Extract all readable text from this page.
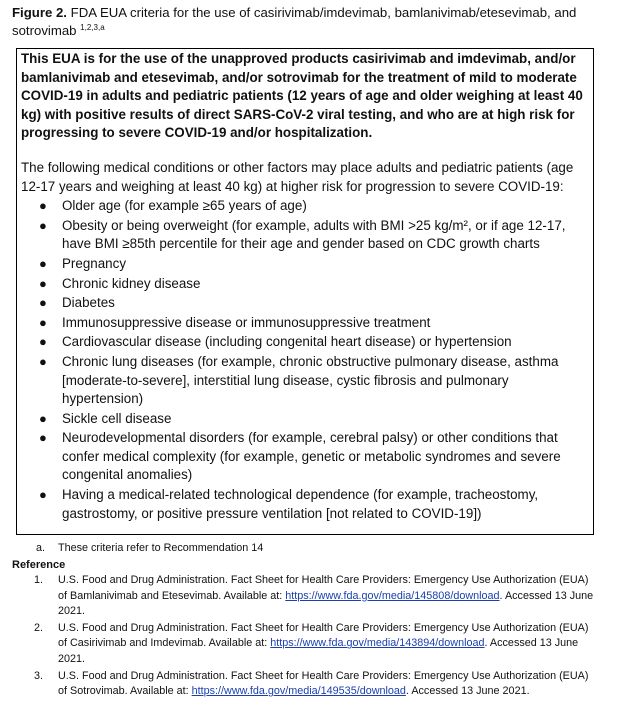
Figure 2. FDA EUA criteria for the use of casirivimab/imdevimab, bamlanivimab/etesevimab, and sotrovimab $^{1,2,3,a}$

This EUA is for the use of the unapproved products casirivimab and imdevimab, and/or bamlanivimab and etesevimab, and/or sotrovimab for the treatment of mild to moderate COVID-19 in adults and pediatric patients (12 years of age and older weighing at least 40 kg) with positive results of direct SARS-CoV-2 viral testing, and who are at high risk for progressing to severe COVID-19 and/or hospitalization.

The following medical conditions or other factors may place adults and pediatric patients (age 12-17 years and weighing at least 40 kg) at higher risk for progression to severe COVID-19:

● Older age (for example ≥65 years of age)
● Obesity or being overweight (for example, adults with BMI >25 kg/m², or if age 12-17, have BMI ≥85th percentile for their age and gender based on CDC growth charts
● Pregnancy
● Chronic kidney disease
● Diabetes
● Immunosuppressive disease or immunosuppressive treatment
● Cardiovascular disease (including congenital heart disease) or hypertension
● Chronic lung diseases (for example, chronic obstructive pulmonary disease, asthma [moderate-to-severe], interstitial lung disease, cystic fibrosis and pulmonary hypertension)
● Sickle cell disease
● Neurodevelopmental disorders (for example, cerebral palsy) or other conditions that confer medical complexity (for example, genetic or metabolic syndromes and severe congenital anomalies)
● Having a medical-related technological dependence (for example, tracheostomy, gastrostomy, or positive pressure ventilation [not related to COVID-19])
a. These criteria refer to Recommendation 14
Reference
1. U.S. Food and Drug Administration. Fact Sheet for Health Care Providers: Emergency Use Authorization (EUA) of Bamlanivimab and Etesevimab. Available at: https://www.fda.gov/media/145808/download. Accessed 13 June 2021.
2. U.S. Food and Drug Administration. Fact Sheet for Health Care Providers: Emergency Use Authorization (EUA) of Casirivimab and Imdevimab. Available at: https://www.fda.gov/media/143894/download. Accessed 13 June 2021.
3. U.S. Food and Drug Administration. Fact Sheet for Health Care Providers: Emergency Use Authorization (EUA) of Sotrovimab. Available at: https://www.fda.gov/media/149535/download. Accessed 13 June 2021.
